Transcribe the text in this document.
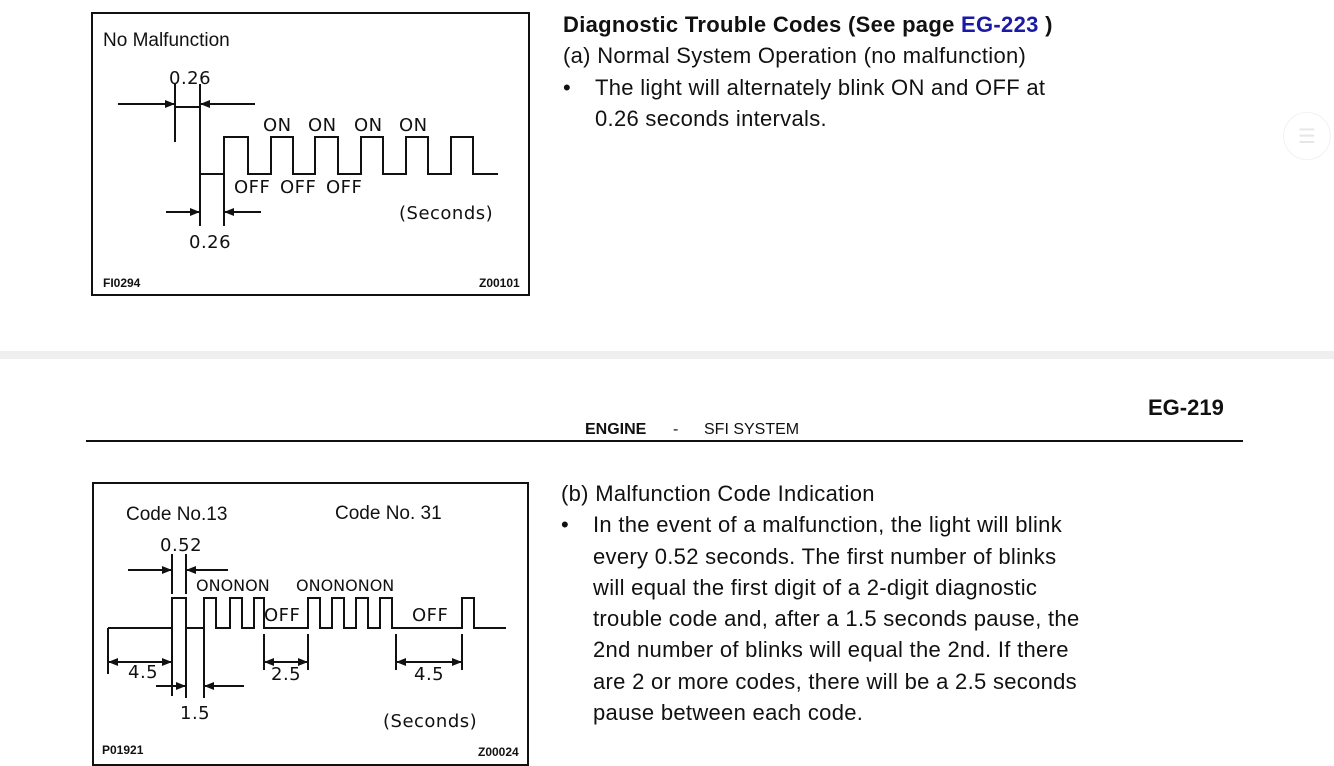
No Malfunction
0.26
ON ON ON ON
OFF OFF OFF
(Seconds)
0.26
FI0294	Z00101
Diagnostic Trouble Codes (See page EG-223 )
(a) Normal System Operation (no malfunction)
• The light will alternately blink ON and OFF at
0.26 seconds intervals.
☰
EG-219
ENGINE - SFI SYSTEM
Code No.13	Code No. 31
0.52
ONONON ONONONON
OFF	OFF
4.5	2.5	4.5
1.5	(Seconds)
P01921	Z00024
(b) Malfunction Code Indication
• In the event of a malfunction, the light will blink
every 0.52 seconds. The first number of blinks
will equal the first digit of a 2-digit diagnostic
trouble code and, after a 1.5 seconds pause, the
2nd number of blinks will equal the 2nd. If there
are 2 or more codes, there will be a 2.5 seconds
pause between each code.
